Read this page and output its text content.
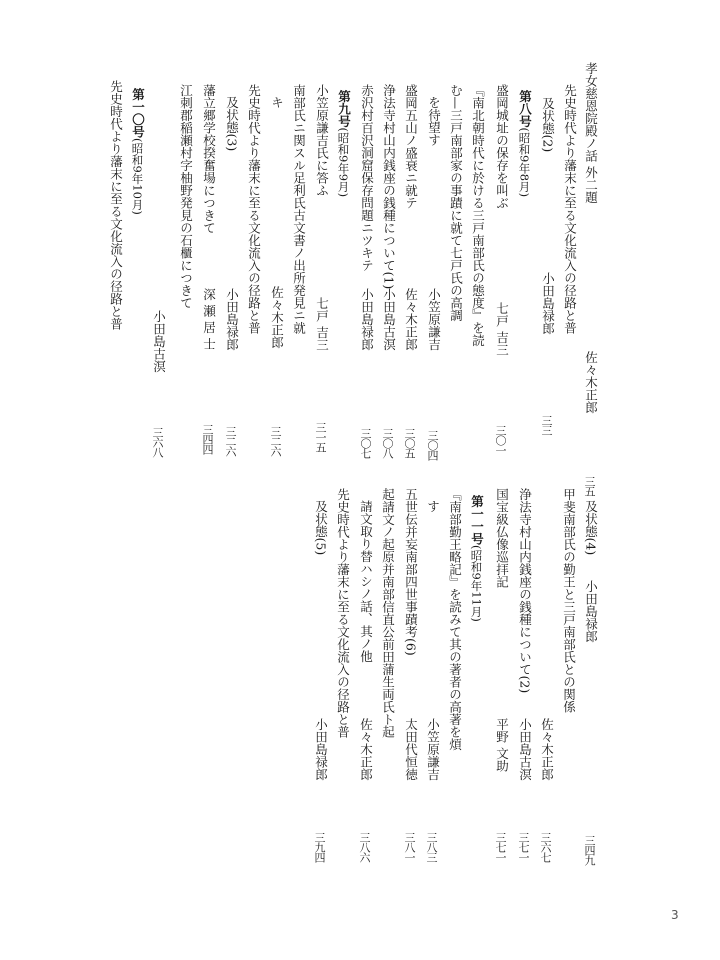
孝女慈恩院殿ノ話 外二題
佐々木正郎
三五
先史時代より藩末に至る文化流入の径路と普
及状態(2)
小田島禄郎
三三
第八号(昭和9年8月)
盛岡城址の保存を叫ぶ
七戸 吉三
三〇一
『南北朝時代に於ける三戸南部氏の態度』を読
む—三戸南部家の事蹟に就て七戸氏の高調
を待望す
小笠原謙吉
三〇四
盛岡五山ノ盛衰ニ就テ
佐々木正郎
三〇五
浄法寺村山内銭座の銭種について(1)
小田島古溟
三〇八
赤沢村百沢洞窟保存問題ニツキテ
小田島禄郎
三〇七
第九号(昭和9年9月)
小笠原謙吉氏に答ふ
七戸 吉三
三一五
南部氏ニ関スル足利氏古文書ノ出所発見ニ就
キ
佐々木正郎
三二六
先史時代より藩末に至る文化流入の径路と普
及状態(3)
小田島禄郎
三二六
藩立郷学校揆奮場につきて
深 瀬 居 士
三四四
江刺郡稲瀬村字柚野発見の石櫃につきて
小田島古溟
三六八
第一〇号(昭和9年10月)
先史時代より藩末に至る文化流入の径路と普
及状態(4)
小田島禄郎
三四九
甲斐南部氏の勤王と三戸南部氏との関係
佐々木正郎
三六七
浄法寺村山内銭座の銭種について(2)
小田島古溟
三七一
国宝級仏像巡拝記
平野 文助
三七一
第一一号(昭和9年11月)
『南部勤王略記』を読みて其の著者の高著を煩
す
小笠原謙吉
三八三
五世伝并妄南部四世事蹟考(6)
太田代恒徳
三八一
起請文ノ起原并南部信直公前田蒲生両氏ト起
請文取り替ハシノ話、其ノ他
佐々木正郎
三八六
先史時代より藩末に至る文化流入の径路と普
及状態(5)
小田島禄郎
三九四
3
